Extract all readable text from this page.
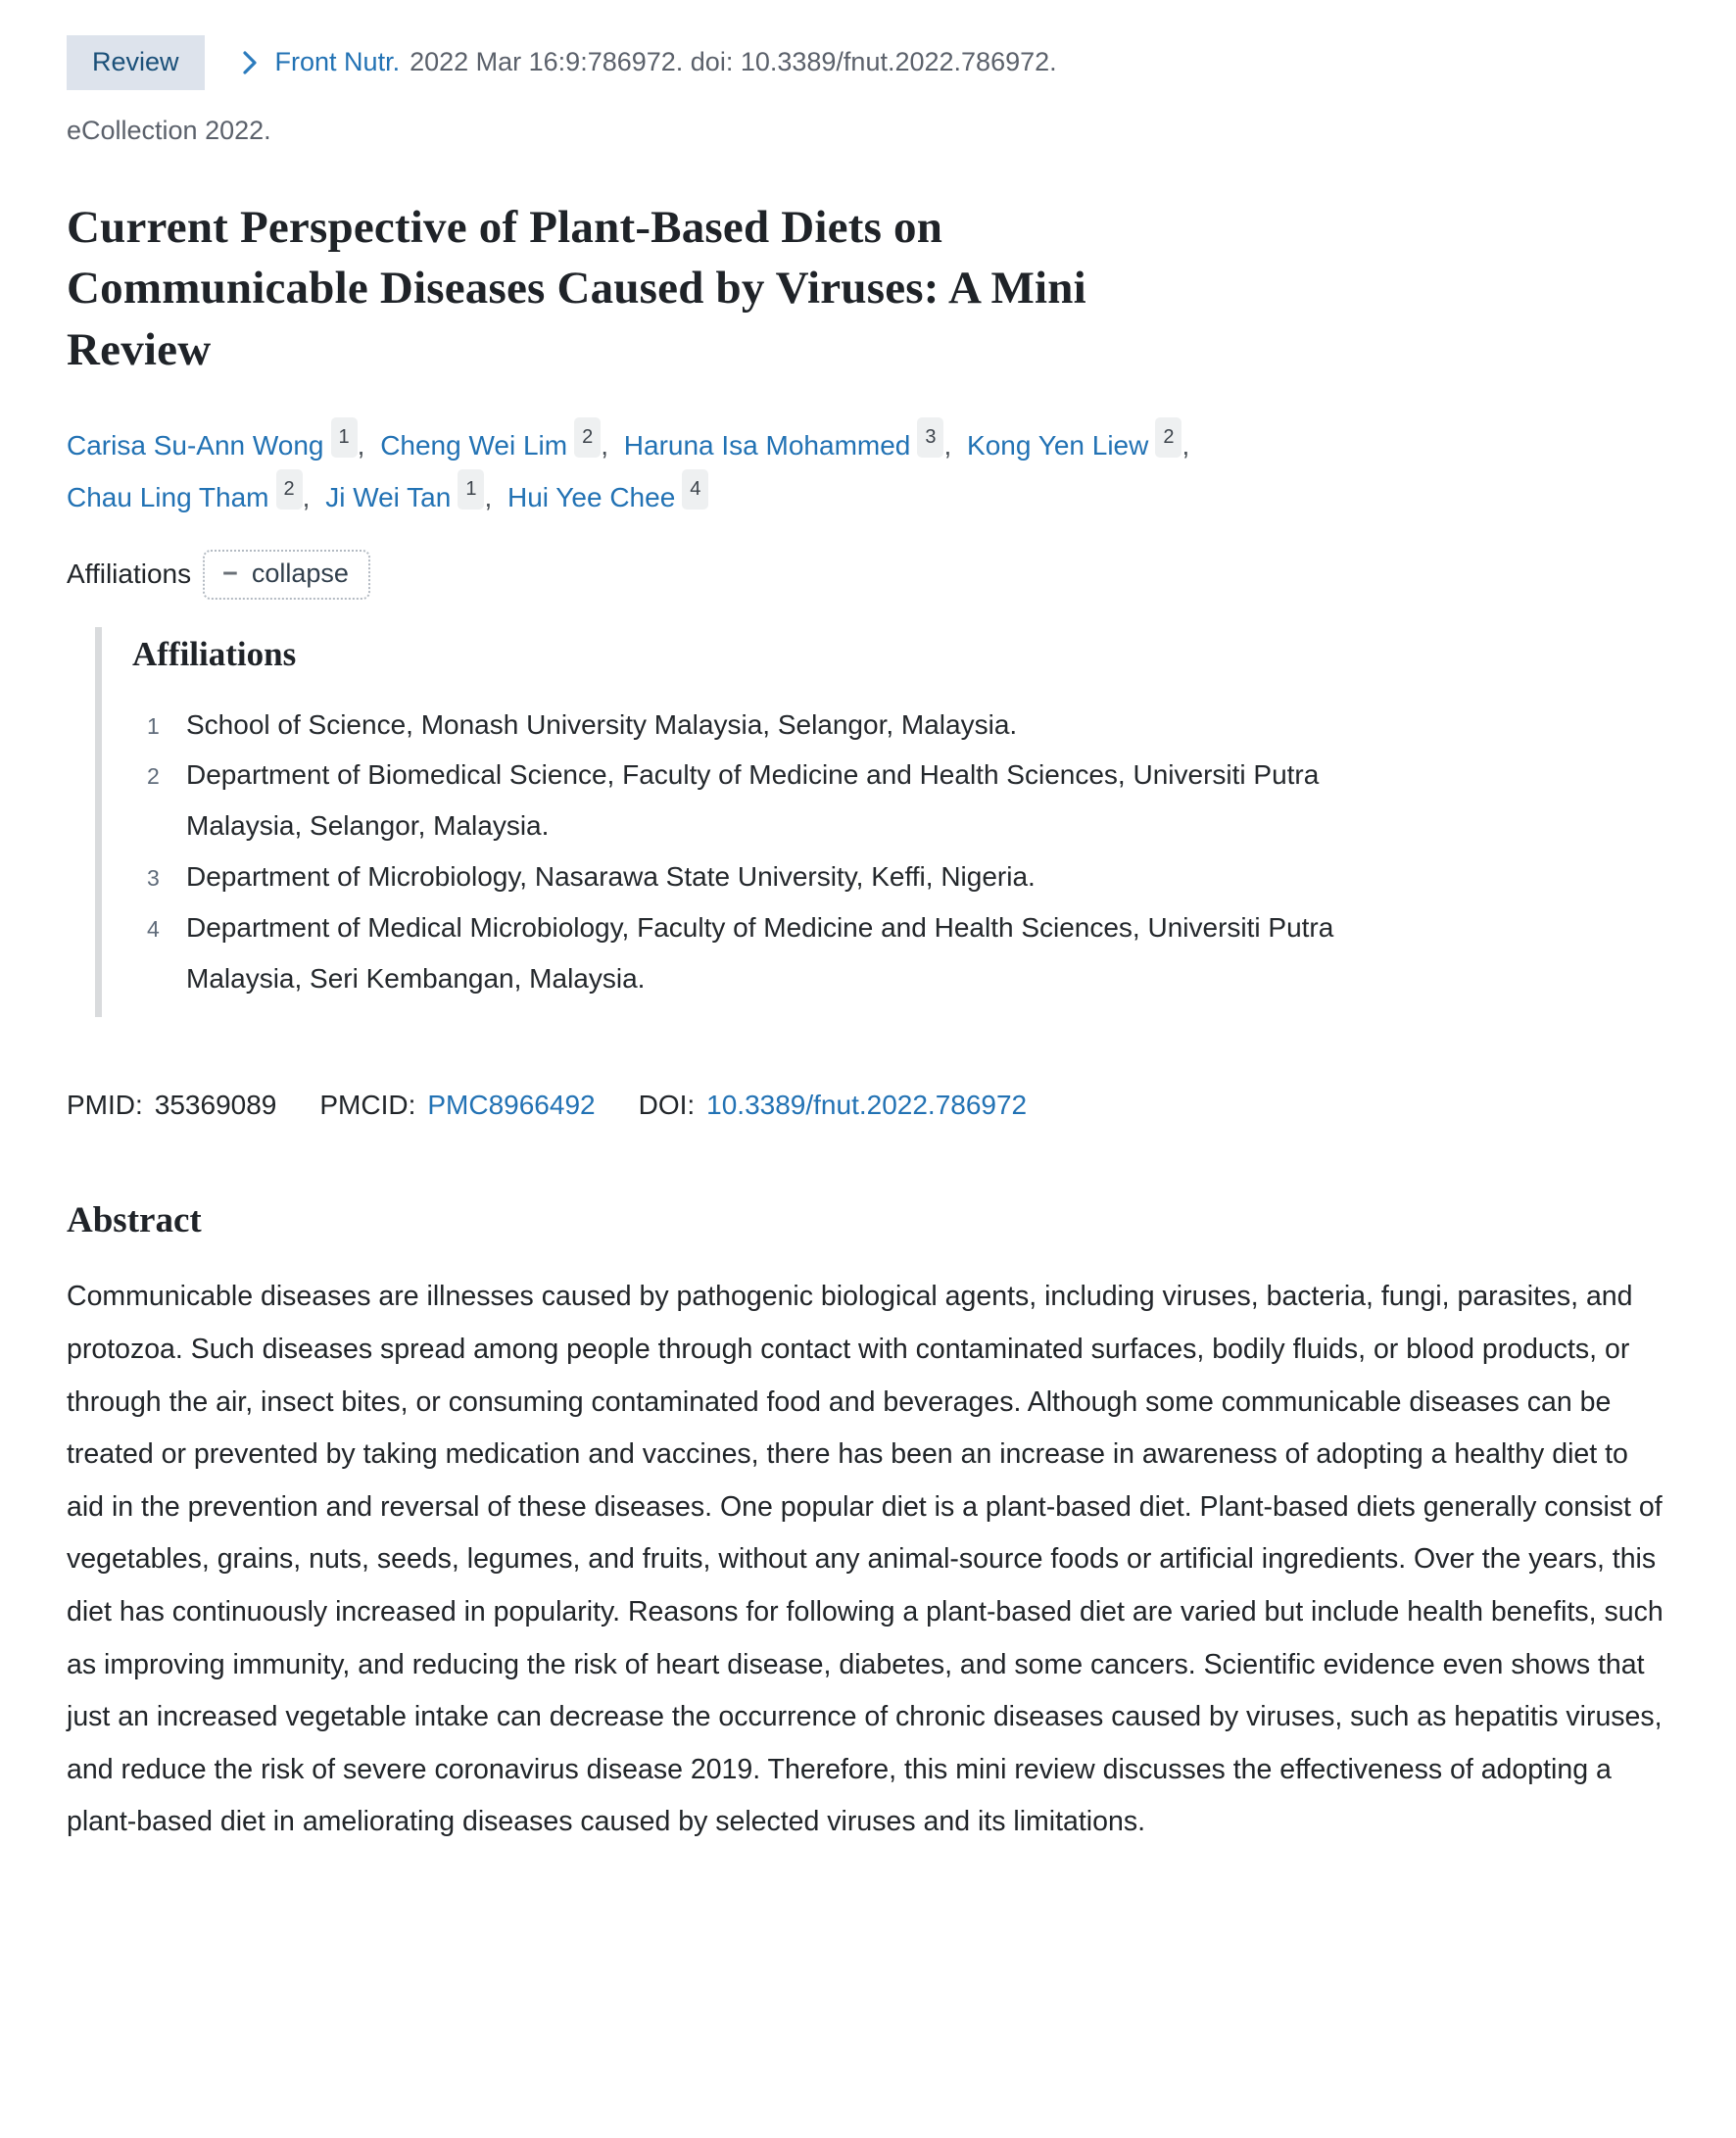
Review	Front Nutr. 2022 Mar 16:9:786972. doi: 10.3389/fnut.2022.786972.
eCollection 2022.
Current Perspective of Plant-Based Diets on Communicable Diseases Caused by Viruses: A Mini Review
Carisa Su-Ann Wong 1 , Cheng Wei Lim 2 , Haruna Isa Mohammed 3 , Kong Yen Liew 2 ,
Chau Ling Tham 2 , Ji Wei Tan 1 , Hui Yee Chee 4
Affiliations − collapse
Affiliations
1 School of Science, Monash University Malaysia, Selangor, Malaysia.
2 Department of Biomedical Science, Faculty of Medicine and Health Sciences, Universiti Putra Malaysia, Selangor, Malaysia.
3 Department of Microbiology, Nasarawa State University, Keffi, Nigeria.
4 Department of Medical Microbiology, Faculty of Medicine and Health Sciences, Universiti Putra Malaysia, Seri Kembangan, Malaysia.
PMID: 35369089 PMCID: PMC8966492 DOI: 10.3389/fnut.2022.786972
Abstract

Communicable diseases are illnesses caused by pathogenic biological agents, including viruses, bacteria, fungi, parasites, and protozoa. Such diseases spread among people through contact with contaminated surfaces, bodily fluids, or blood products, or through the air, insect bites, or consuming contaminated food and beverages. Although some communicable diseases can be treated or prevented by taking medication and vaccines, there has been an increase in awareness of adopting a healthy diet to aid in the prevention and reversal of these diseases. One popular diet is a plant-based diet. Plant-based diets generally consist of vegetables, grains, nuts, seeds, legumes, and fruits, without any animal-source foods or artificial ingredients. Over the years, this diet has continuously increased in popularity. Reasons for following a plant-based diet are varied but include health benefits, such as improving immunity, and reducing the risk of heart disease, diabetes, and some cancers. Scientific evidence even shows that just an increased vegetable intake can decrease the occurrence of chronic diseases caused by viruses, such as hepatitis viruses, and reduce the risk of severe coronavirus disease 2019. Therefore, this mini review discusses the effectiveness of adopting a plant-based diet in ameliorating diseases caused by selected viruses and its limitations.
